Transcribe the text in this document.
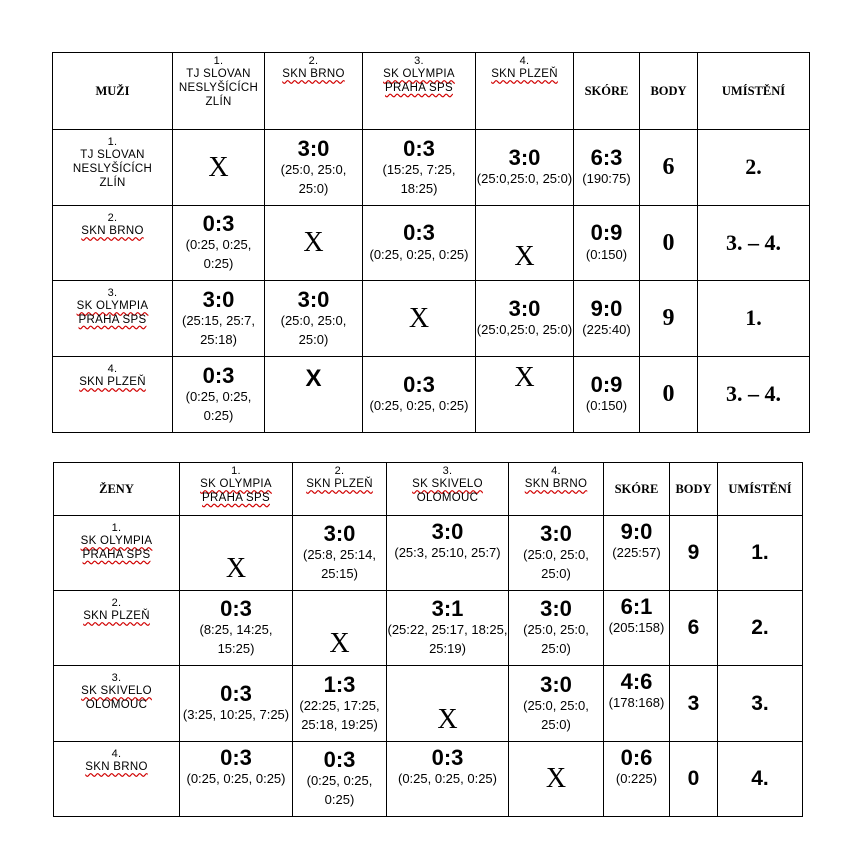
MUŽI	1.
TJ SLOVAN
NESLYŠÍCÍCH
ZLÍN	2.
SKN BRNO	3.
SK OLYMPIA
PRAHA SPS	4.
SKN PLZEŇ	SKÓRE	BODY	UMÍSTĚNÍ

1.
TJ SLOVAN
NESLYŠÍCÍCH
ZLÍN	X	3:0
(25:0, 25:0, 25:0)	0:3
(15:25, 7:25, 18:25)	3:0
(25:0,25:0, 25:0)	6:3
(190:75)	6	2.

2.
SKN BRNO	0:3
(0:25, 0:25, 0:25)	X	0:3
(0:25, 0:25, 0:25)	X	0:9
(0:150)	0	3. – 4.

3.
SK OLYMPIA
PRAHA SPS	3:0
(25:15, 25:7, 25:18)	3:0
(25:0, 25:0, 25:0)	X	3:0
(25:0,25:0, 25:0)	9:0
(225:40)	9	1.

4.
SKN PLZEŇ	0:3
(0:25, 0:25, 0:25)	X	0:3
(0:25, 0:25, 0:25)	X	0:9
(0:150)	0	3. – 4.
ŽENY	1.
SK OLYMPIA
PRAHA SPS	2.
SKN PLZEŇ	3.
SK SKIVELO
OLOMOUC	4.
SKN BRNO	SKÓRE	BODY	UMÍSTĚNÍ

1.
SK OLYMPIA
PRAHA SPS	X	3:0
(25:8, 25:14, 25:15)	3:0
(25:3, 25:10, 25:7)	3:0
(25:0, 25:0, 25:0)	9:0
(225:57)	9	1.

2.
SKN PLZEŇ	0:3
(8:25, 14:25, 15:25)	X	3:1
(25:22, 25:17, 18:25, 25:19)	3:0
(25:0, 25:0, 25:0)	6:1
(205:158)	6	2.

3.
SK SKIVELO
OLOMOUC	0:3
(3:25, 10:25, 7:25)	1:3
(22:25, 17:25, 25:18, 19:25)	X	3:0
(25:0, 25:0, 25:0)	4:6
(178:168)	3	3.

4.
SKN BRNO	0:3
(0:25, 0:25, 0:25)	0:3
(0:25, 0:25, 0:25)	0:3
(0:25, 0:25, 0:25)	X	0:6
(0:225)	0	4.
